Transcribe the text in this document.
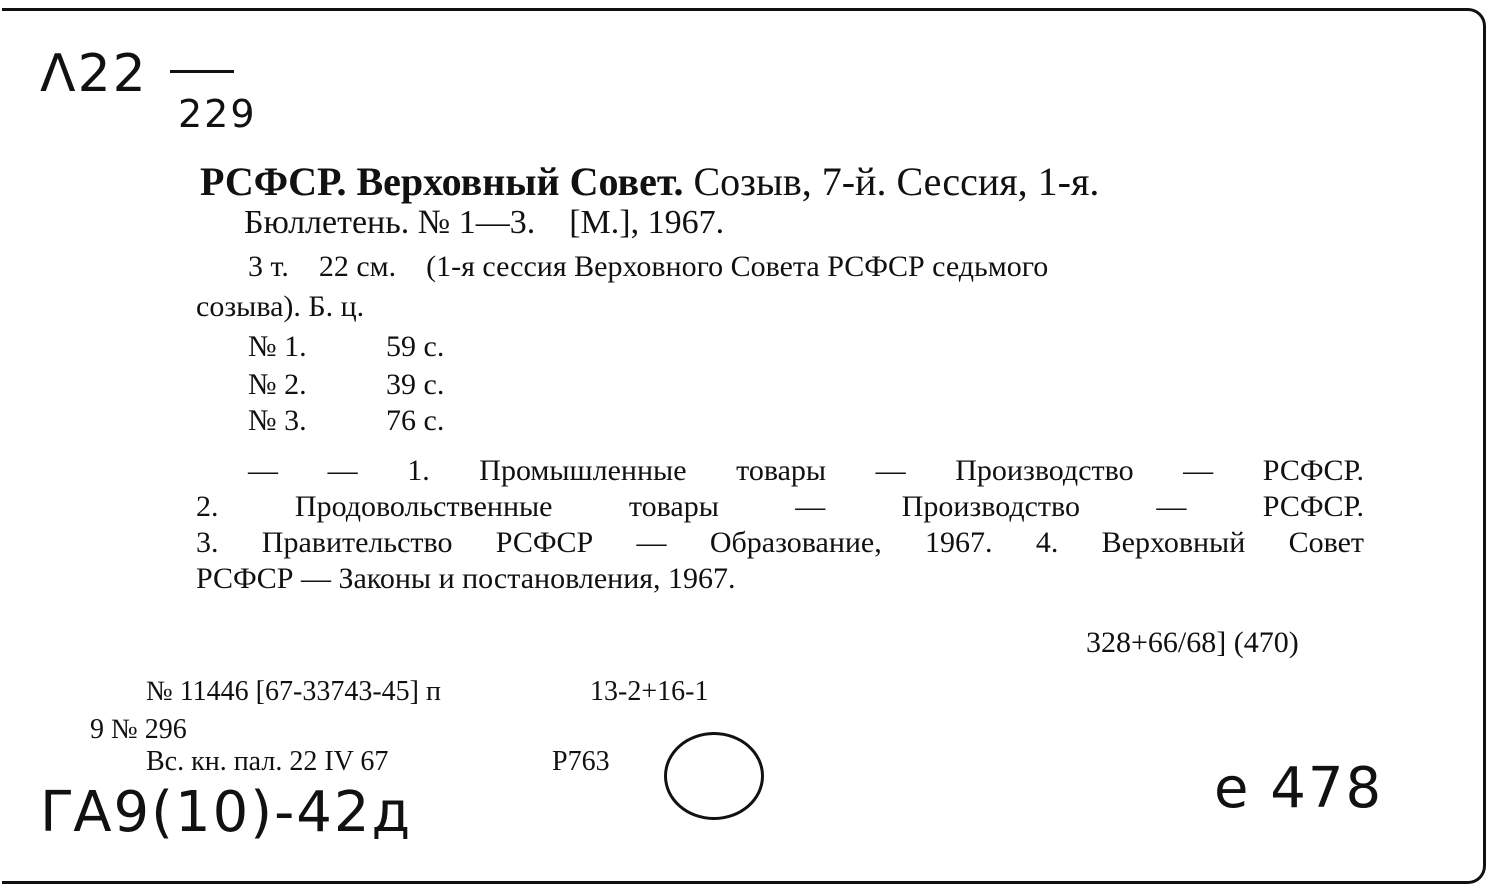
Λ22
229
РСФСР. Верховный Совет. Созыв, 7-й. Сессия, 1-я.
Бюллетень. № 1—3.    [М.], 1967.
3 т.    22 см.    (1-я сессия Верховного Совета РСФСР седьмого
созыва). Б. ц.
№ 1.	59 с.
№ 2.	39 с.
№ 3.	76 с.
— — 1. Промышленные товары — Производство — РСФСР.
2. Продовольственные товары — Производство — РСФСР.
3. Правительство РСФСР — Образование, 1967. 4. Верховный Совет
РСФСР — Законы и постановления, 1967.
328+66/68] (470)
№ 11446 [67-33743-45] п	13-2+16-1
9 № 296
Вс. кн. пал. 22 IV 67	Р763
ΓА9(10)-42д	е 478
